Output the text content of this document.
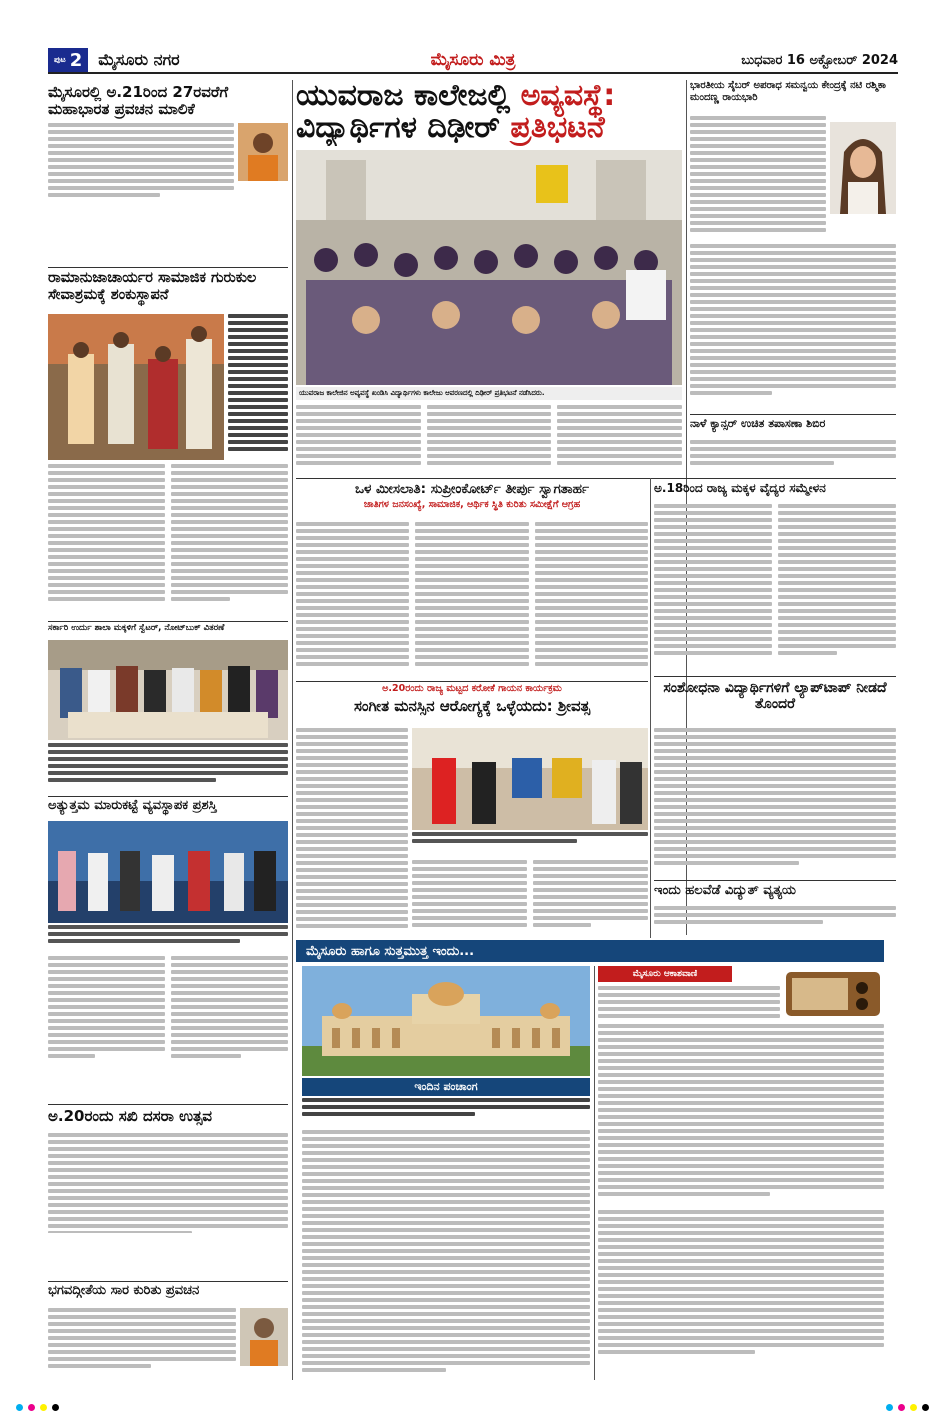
ಪುಟ 2 ಮೈಸೂರು ನಗರ	ಮೈಸೂರು ಮಿತ್ರ	ಬುಧವಾರ 16 ಅಕ್ಟೋಬರ್ 2024
ಮೈಸೂರಲ್ಲಿ ಅ.21ರಿಂದ 27ರವರೆಗೆ ಮಹಾಭಾರತ ಪ್ರವಚನ ಮಾಲಿಕೆ
ರಾಮಾನುಜಾಚಾರ್ಯರ ಸಾಮಾಜಿಕ ಗುರುಕುಲ ಸೇವಾಶ್ರಮಕ್ಕೆ ಶಂಕುಸ್ಥಾಪನೆ
ಸರ್ಕಾರಿ ಉರ್ದು ಶಾಲಾ ಮಕ್ಕಳಿಗೆ ಸ್ವೆಟರ್, ನೋಟ್‌ಬುಕ್ ವಿತರಣೆ
ಅತ್ಯುತ್ತಮ ಮಾರುಕಟ್ಟೆ ವ್ಯವಸ್ಥಾಪಕ ಪ್ರಶಸ್ತಿ
ಅ.20ರಂದು ಸಖಿ ದಸರಾ ಉತ್ಸವ
ಭಗವದ್ಗೀತೆಯ ಸಾರ ಕುರಿತು ಪ್ರವಚನ
ಯುವರಾಜ ಕಾಲೇಜಲ್ಲಿ ಅವ್ಯವಸ್ಥೆ:
ವಿದ್ಯಾರ್ಥಿಗಳ ದಿಢೀರ್ ಪ್ರತಿಭಟನೆ
ಯುವರಾಜ ಕಾಲೇಜಿನ ಅವ್ಯವಸ್ಥೆ ಖಂಡಿಸಿ ವಿದ್ಯಾರ್ಥಿಗಳು ಕಾಲೇಜು ಆವರಣದಲ್ಲಿ ದಿಢೀರ್ ಪ್ರತಿಭಟನೆ ನಡೆಸಿದರು.
ಒಳ ಮೀಸಲಾತಿ: ಸುಪ್ರೀಂಕೋರ್ಟ್ ತೀರ್ಪು ಸ್ವಾಗತಾರ್ಹ
ಜಾತಿಗಳ ಜನಸಂಖ್ಯೆ, ಸಾಮಾಜಿಕ, ಆರ್ಥಿಕ ಸ್ಥಿತಿ ಕುರಿತು ಸಮೀಕ್ಷೆಗೆ ಆಗ್ರಹ
ಅ.20ರಂದು ರಾಜ್ಯ ಮಟ್ಟದ ಕರೋಕೆ ಗಾಯನ ಕಾರ್ಯಕ್ರಮ
ಸಂಗೀತ ಮನಸ್ಸಿನ ಆರೋಗ್ಯಕ್ಕೆ ಒಳ್ಳೆಯದು: ಶ್ರೀವತ್ಸ
ಭಾರತೀಯ ಸೈಬರ್ ಅಪರಾಧ ಸಮನ್ವಯ ಕೇಂದ್ರಕ್ಕೆ ನಟಿ ರಶ್ಮಿಕಾ ಮಂದಣ್ಣ ರಾಯಭಾರಿ
ನಾಳೆ ಕ್ಯಾನ್ಸರ್ ಉಚಿತ ತಪಾಸಣಾ ಶಿಬಿರ
ಅ.18ರಿಂದ ರಾಜ್ಯ ಮಕ್ಕಳ ವೈದ್ಯರ ಸಮ್ಮೇಳನ
ಸಂಶೋಧನಾ ವಿದ್ಯಾರ್ಥಿಗಳಿಗೆ ಲ್ಯಾಪ್‌ಟಾಪ್ ನೀಡದೆ ತೊಂದರೆ
ಇಂದು ಹಲವೆಡೆ ವಿದ್ಯುತ್ ವ್ಯತ್ಯಯ
ಮೈಸೂರು ಹಾಗೂ ಸುತ್ತಮುತ್ತ ಇಂದು...
ಇಂದಿನ ಪಂಚಾಂಗ
ಮೈಸೂರು ಆಕಾಶವಾಣಿ
